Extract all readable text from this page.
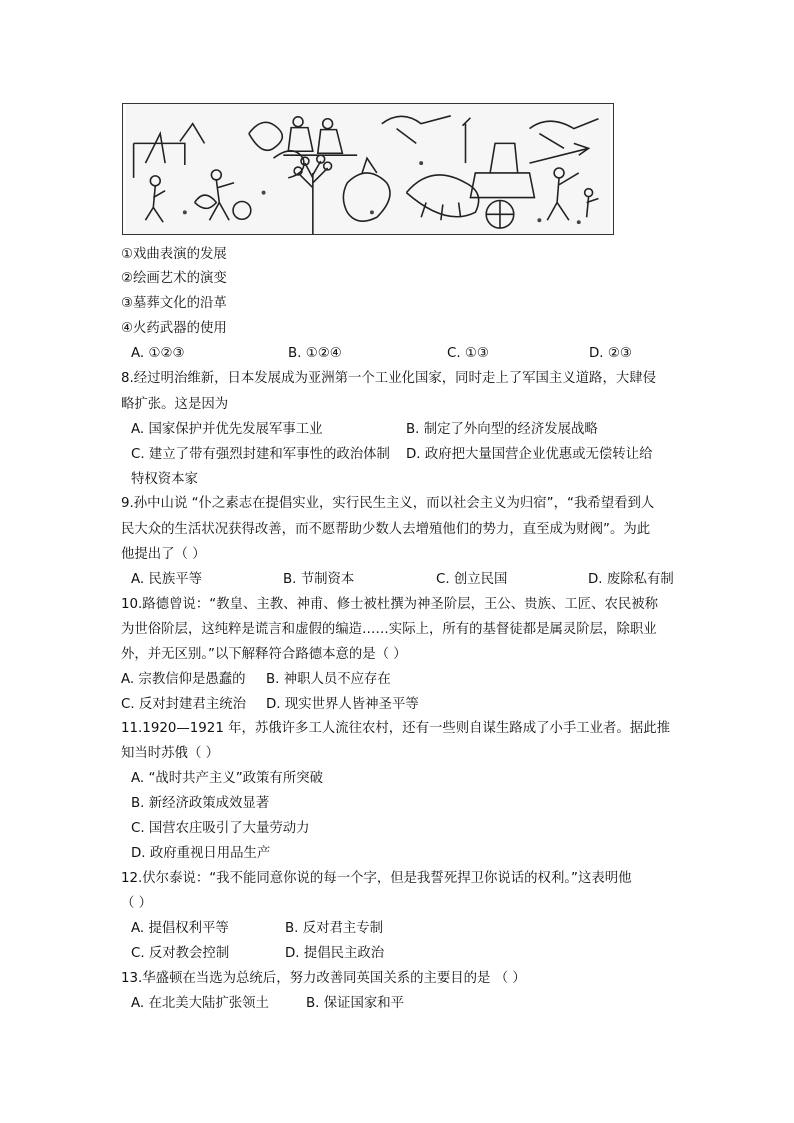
①戏曲表演的发展
②绘画艺术的演变
③墓葬文化的沿革
④火药武器的使用
A. ①②③	B. ①②④	C. ①③	D. ②③
8.经过明治维新，日本发展成为亚洲第一个工业化国家，同时走上了军国主义道路，大肆侵
略扩张。这是因为
A. 国家保护并优先发展军事工业	B. 制定了外向型的经济发展战略
C. 建立了带有强烈封建和军事性的政治体制 D. 政府把大量国营企业优惠或无偿转让给
特权资本家
9.孙中山说 “仆之素志在提倡实业，实行民生主义，而以社会主义为归宿”，“我希望看到人
民大众的生活状况获得改善，而不愿帮助少数人去增殖他们的势力，直至成为财阀”。为此
他提出了（ ）
A. 民族平等	B. 节制资本	C. 创立民国	D. 废除私有制
10.路德曾说：“教皇、主教、神甫、修士被杜撰为神圣阶层，王公、贵族、工匠、农民被称
为世俗阶层，这纯粹是谎言和虚假的编造……实际上，所有的基督徒都是属灵阶层，除职业
外，并无区别。”以下解释符合路德本意的是（ ）
A. 宗教信仰是愚蠢的 B. 神职人员不应存在
C. 反对封建君主统治 D. 现实世界人皆神圣平等
11.1920—1921 年，苏俄许多工人流往农村，还有一些则自谋生路成了小手工业者。据此推
知当时苏俄（ ）
A. “战时共产主义”政策有所突破
B. 新经济政策成效显著
C. 国营农庄吸引了大量劳动力
D. 政府重视日用品生产
12.伏尔泰说：“我不能同意你说的每一个字，但是我誓死捍卫你说话的权利。”这表明他
（ ）
A. 提倡权利平等	B. 反对君主专制
C. 反对教会控制	D. 提倡民主政治
13.华盛顿在当选为总统后，努力改善同英国关系的主要目的是 （ ）
A. 在北美大陆扩张领土	B. 保证国家和平
